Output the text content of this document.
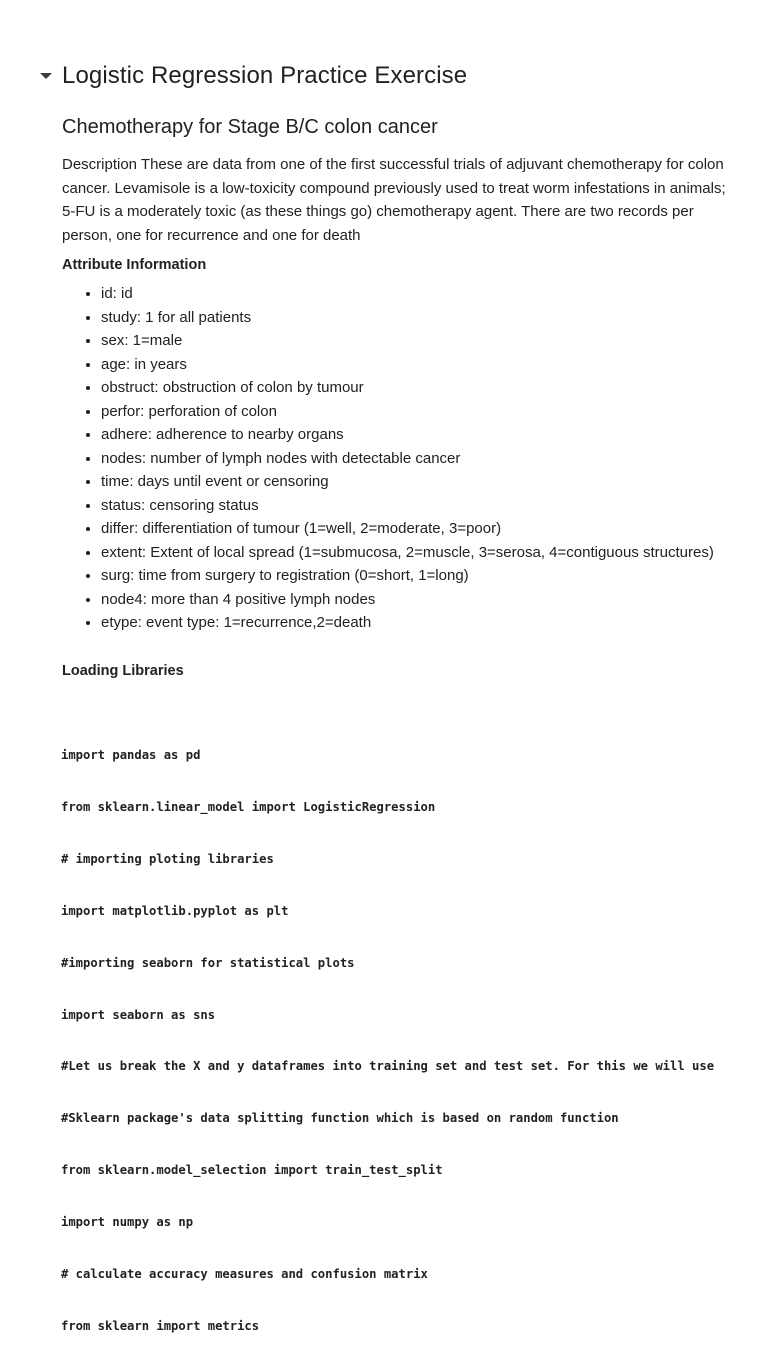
Logistic Regression Practice Exercise
Chemotherapy for Stage B/C colon cancer

Description These are data from one of the first successful trials of adjuvant chemotherapy for colon cancer. Levamisole is a low-toxicity compound previously used to treat worm infestations in animals; 5-FU is a moderately toxic (as these things go) chemotherapy agent. There are two records per person, one for recurrence and one for death

Attribute Information
• id: id
• study: 1 for all patients
• sex: 1=male
• age: in years
• obstruct: obstruction of colon by tumour
• perfor: perforation of colon
• adhere: adherence to nearby organs
• nodes: number of lymph nodes with detectable cancer
• time: days until event or censoring
• status: censoring status
• differ: differentiation of tumour (1=well, 2=moderate, 3=poor)
• extent: Extent of local spread (1=submucosa, 2=muscle, 3=serosa, 4=contiguous structures)
• surg: time from surgery to registration (0=short, 1=long)
• node4: more than 4 positive lymph nodes
• etype: event type: 1=recurrence,2=death
Loading Libraries

import pandas as pd

from sklearn.linear_model import LogisticRegression

# importing ploting libraries

import matplotlib.pyplot as plt

#importing seaborn for statistical plots

import seaborn as sns

#Let us break the X and y dataframes into training set and test set. For this we will use

#Sklearn package's data splitting function which is based on random function

from sklearn.model_selection import train_test_split

import numpy as np

# calculate accuracy measures and confusion matrix

from sklearn import metrics
